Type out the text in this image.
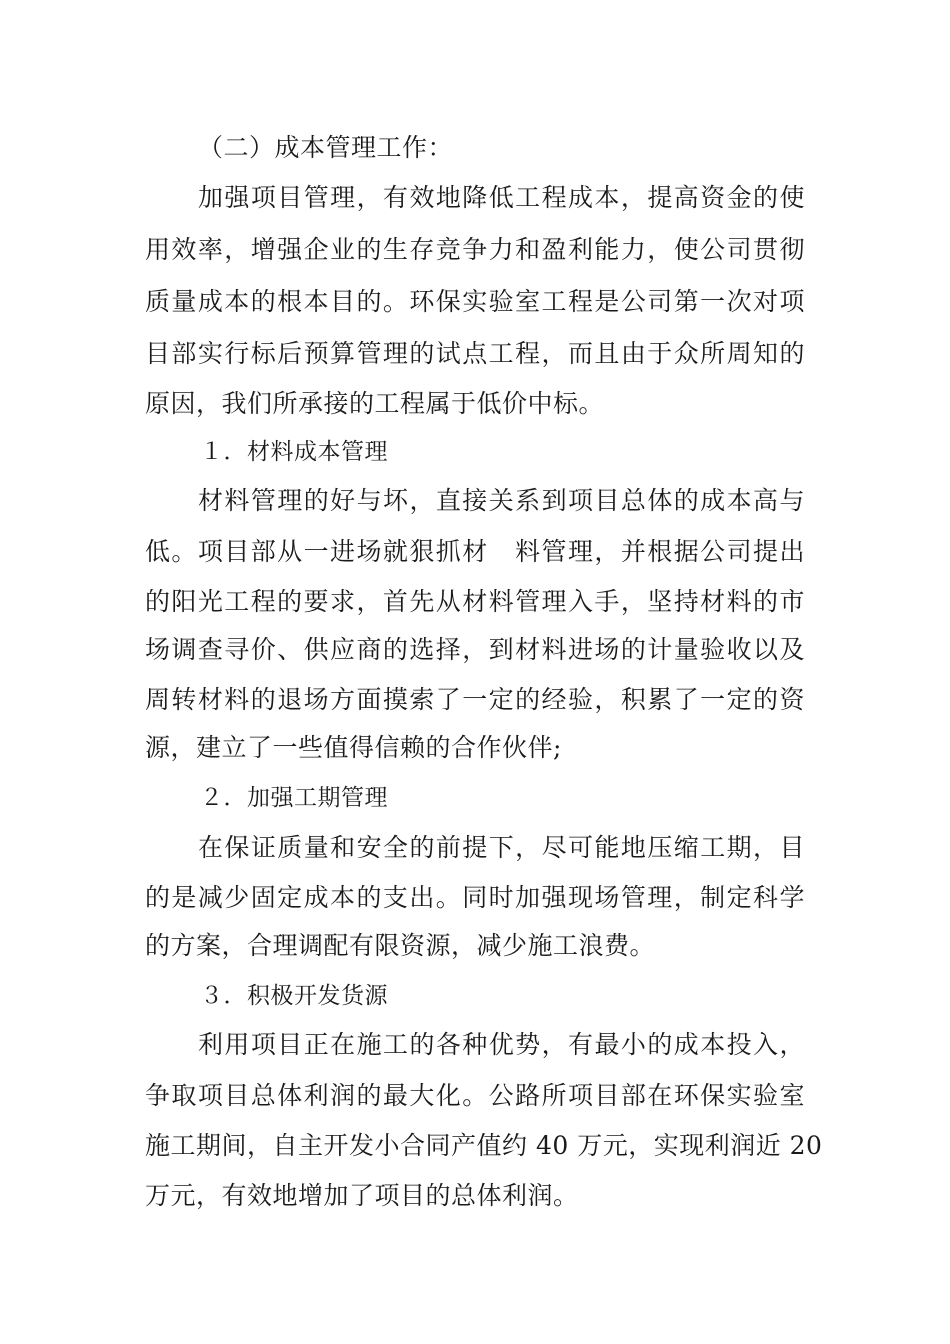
（二）成本管理工作：
加强项目管理，有效地降低工程成本，提高资金的使
用效率，增强企业的生存竞争力和盈利能力，使公司贯彻
质量成本的根本目的。环保实验室工程是公司第一次对项
目部实行标后预算管理的试点工程，而且由于众所周知的
原因，我们所承接的工程属于低价中标。
１．材料成本管理
材料管理的好与坏，直接关系到项目总体的成本高与
低。项目部从一进场就狠抓材　料管理，并根据公司提出
的阳光工程的要求，首先从材料管理入手，坚持材料的市
场调查寻价、供应商的选择，到材料进场的计量验收以及
周转材料的退场方面摸索了一定的经验，积累了一定的资
源，建立了一些值得信赖的合作伙伴;
２．加强工期管理
在保证质量和安全的前提下，尽可能地压缩工期，目
的是减少固定成本的支出。同时加强现场管理，制定科学
的方案，合理调配有限资源，减少施工浪费。
３．积极开发货源
利用项目正在施工的各种优势，有最小的成本投入，
争取项目总体利润的最大化。公路所项目部在环保实验室
施工期间，自主开发小合同产值约 40 万元，实现利润近 20
万元，有效地增加了项目的总体利润。
